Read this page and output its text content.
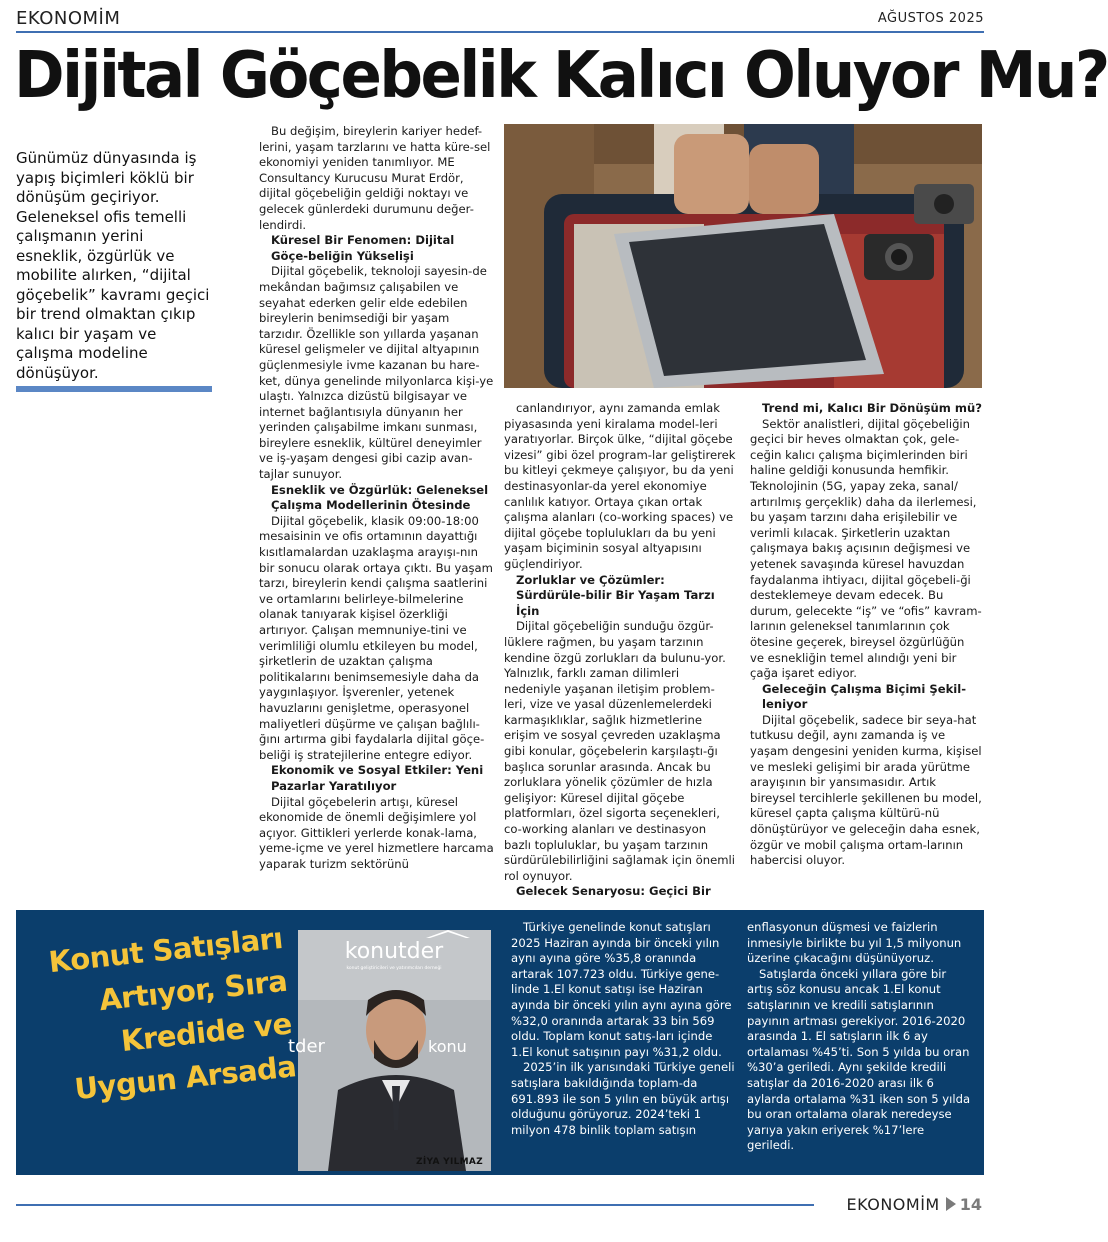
EKONOMİM	AĞUSTOS 2025
Dijital Göçebelik Kalıcı Oluyor Mu?

Günümüz dünyasında iş yapış biçimleri köklü bir dönüşüm geçiriyor. Geleneksel ofis temelli çalışmanın yerini esneklik, özgürlük ve mobilite alırken, “dijital göçebelik” kavramı geçici bir trend olmaktan çıkıp kalıcı bir yaşam ve çalışma modeline dönüşüyor.

Bu değişim, bireylerin kariyer hedef-lerini, yaşam tarzlarını ve hatta küre-sel ekonomiyi yeniden tanımlıyor. ME Consultancy Kurucusu Murat Erdör, dijital göçebeliğin geldiği noktayı ve gelecek günlerdeki durumunu değer-lendirdi.

Küresel Bir Fenomen: Dijital Göçe-beliğin Yükselişi

Dijital göçebelik, teknoloji sayesin-de mekândan bağımsız çalışabilen ve seyahat ederken gelir elde edebilen bireylerin benimsediği bir yaşam tarzıdır. Özellikle son yıllarda yaşanan küresel gelişmeler ve dijital altyapının güçlenmesiyle ivme kazanan bu hare-ket, dünya genelinde milyonlarca kişi-ye ulaştı. Yalnızca dizüstü bilgisayar ve internet bağlantısıyla dünyanın her yerinden çalışabilme imkanı sunması, bireylere esneklik, kültürel deneyimler ve iş-yaşam dengesi gibi cazip avan-tajlar sunuyor.

Esneklik ve Özgürlük: Geleneksel Çalışma Modellerinin Ötesinde

Dijital göçebelik, klasik 09:00-18:00 mesaisinin ve ofis ortamının dayattığı kısıtlamalardan uzaklaşma arayışı-nın bir sonucu olarak ortaya çıktı. Bu yaşam tarzı, bireylerin kendi çalışma saatlerini ve ortamlarını belirleye-bilmelerine olanak tanıyarak kişisel özerkliği artırıyor. Çalışan memnuniye-tini ve verimliliği olumlu etkileyen bu model, şirketlerin de uzaktan çalışma politikalarını benimsemesiyle daha da yaygınlaşıyor. İşverenler, yetenek havuzlarını genişletme, operasyonel maliyetleri düşürme ve çalışan bağlılı-ğını artırma gibi faydalarla dijital göçe-beliği iş stratejilerine entegre ediyor.

Ekonomik ve Sosyal Etkiler: Yeni Pazarlar Yaratılıyor

Dijital göçebelerin artışı, küresel ekonomide de önemli değişimlere yol açıyor. Gittikleri yerlerde konak-lama, yeme-içme ve yerel hizmetlere harcama yaparak turizm sektörünü

canlandırıyor, aynı zamanda emlak piyasasında yeni kiralama model-leri yaratıyorlar. Birçok ülke, “dijital göçebe vizesi” gibi özel program-lar geliştirerek bu kitleyi çekmeye çalışıyor, bu da yeni destinasyonlar-da yerel ekonomiye canlılık katıyor. Ortaya çıkan ortak çalışma alanları (co-working spaces) ve dijital göçebe toplulukları da bu yeni yaşam biçiminin sosyal altyapısını güçlendiriyor.

Zorluklar ve Çözümler: Sürdürüle-bilir Bir Yaşam Tarzı İçin

Dijital göçebeliğin sunduğu özgür-lüklere rağmen, bu yaşam tarzının kendine özgü zorlukları da bulunu-yor. Yalnızlık, farklı zaman dilimleri nedeniyle yaşanan iletişim problem-leri, vize ve yasal düzenlemelerdeki karmaşıklıklar, sağlık hizmetlerine erişim ve sosyal çevreden uzaklaşma gibi konular, göçebelerin karşılaştı-ğı başlıca sorunlar arasında. Ancak bu zorluklara yönelik çözümler de hızla gelişiyor: Küresel dijital göçebe platformları, özel sigorta seçenekleri, co-working alanları ve destinasyon bazlı topluluklar, bu yaşam tarzının sürdürülebilirliğini sağlamak için önemli rol oynuyor.

Gelecek Senaryosu: Geçici Bir
Trend mi, Kalıcı Bir Dönüşüm mü?

Sektör analistleri, dijital göçebeliğin geçici bir heves olmaktan çok, gele-ceğin kalıcı çalışma biçimlerinden biri haline geldiği konusunda hemfikir. Teknolojinin (5G, yapay zeka, sanal/ artırılmış gerçeklik) daha da ilerlemesi, bu yaşam tarzını daha erişilebilir ve verimli kılacak. Şirketlerin uzaktan çalışmaya bakış açısının değişmesi ve yetenek savaşında küresel havuzdan faydalanma ihtiyacı, dijital göçebeli-ği desteklemeye devam edecek. Bu durum, gelecekte “iş” ve “ofis” kavram-larının geleneksel tanımlarının çok ötesine geçerek, bireysel özgürlüğün ve esnekliğin temel alındığı yeni bir çağa işaret ediyor.

Geleceğin Çalışma Biçimi Şekil-leniyor

Dijital göçebelik, sadece bir seya-hat tutkusu değil, aynı zamanda iş ve yaşam dengesini yeniden kurma, kişisel ve mesleki gelişimi bir arada yürütme arayışının bir yansımasıdır. Artık bireysel tercihlerle şekillenen bu model, küresel çapta çalışma kültürü-nü dönüştürüyor ve geleceğin daha esnek, özgür ve mobil çalışma ortam-larının habercisi oluyor.

Konut Satışları
Artıyor, Sıra
Kredide ve
Uygun Arsada
konutder
konut geliştiricileri ve yatırımcıları derneği
tder	konu
ZİYA YILMAZ

Türkiye genelinde konut satışları 2025 Haziran ayında bir önceki yılın aynı ayına göre %35,8 oranında artarak 107.723 oldu. Türkiye gene-linde 1.El konut satışı ise Haziran ayında bir önceki yılın aynı ayına göre %32,0 oranında artarak 33 bin 569 oldu. Toplam konut satış-ları içinde 1.El konut satışının payı %31,2 oldu.

2025’in ilk yarısındaki Türkiye geneli satışlara bakıldığında toplam-da 691.893 ile son 5 yılın en büyük artışı olduğunu görüyoruz. 2024’teki 1 milyon 478 binlik toplam satışın

enflasyonun düşmesi ve faizlerin inmesiyle birlikte bu yıl 1,5 milyonun üzerine çıkacağını düşünüyoruz.

Satışlarda önceki yıllara göre bir artış söz konusu ancak 1.El konut satışlarının ve kredili satışlarının payının artması gerekiyor. 2016-2020 arasında 1. El satışların ilk 6 ay ortalaması %45’ti. Son 5 yılda bu oran %30’a geriledi. Aynı şekilde kredili satışlar da 2016-2020 arası ilk 6 aylarda ortalama %31 iken son 5 yılda bu oran ortalama olarak neredeyse yarıya yakın eriyerek %17’lere geriledi.

EKONOMİM 14
